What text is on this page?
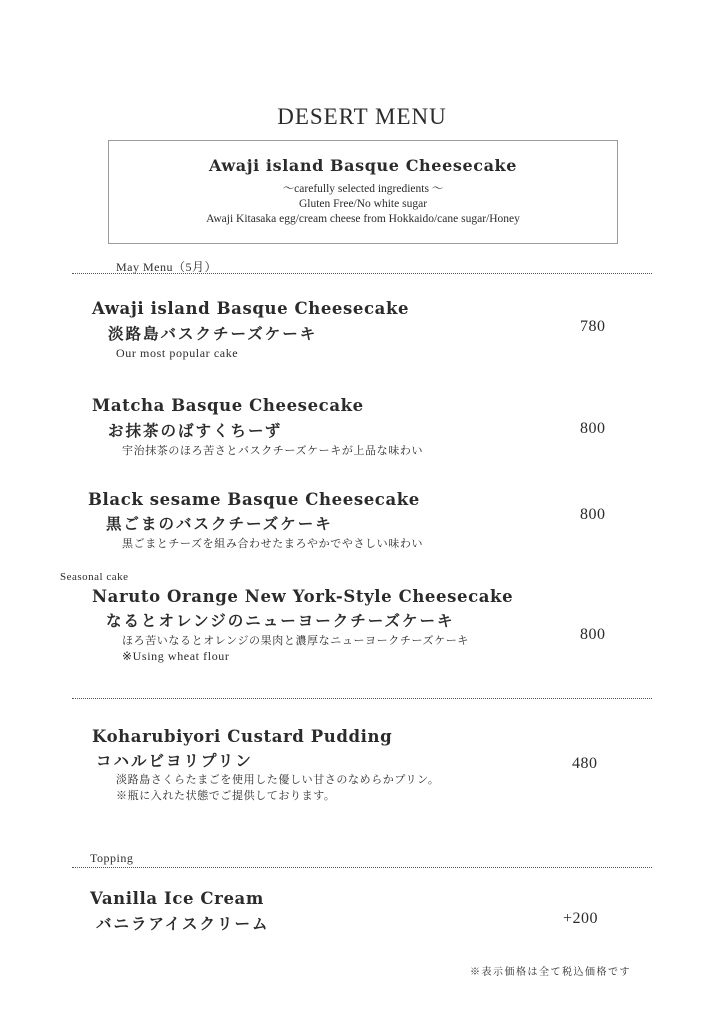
DESERT MENU
Awaji island Basque Cheesecake
〜carefully selected ingredients 〜
Gluten Free/No white sugar
Awaji Kitasaka egg/cream cheese from Hokkaido/cane sugar/Honey
May Menu（5月）
Awaji island Basque Cheesecake
淡路島バスクチーズケーキ
Our most popular cake
780
Matcha Basque Cheesecake
お抹茶のばすくちーず
宇治抹茶のほろ苦さとバスクチーズケーキが上品な味わい
800
Black sesame Basque Cheesecake
黒ごまのバスクチーズケーキ
黒ごまとチーズを組み合わせたまろやかでやさしい味わい
800
Seasonal cake
Naruto Orange New York-Style Cheesecake
なるとオレンジのニューヨークチーズケーキ
ほろ苦いなるとオレンジの果肉と濃厚なニューヨークチーズケーキ
※Using wheat flour
800
Koharubiyori Custard Pudding
コハルビヨリプリン
淡路島さくらたまごを使用した優しい甘さのなめらかプリン。
※瓶に入れた状態でご提供しております。
480
Topping
Vanilla Ice Cream
バニラアイスクリーム	+200
※表示価格は全て税込価格です
